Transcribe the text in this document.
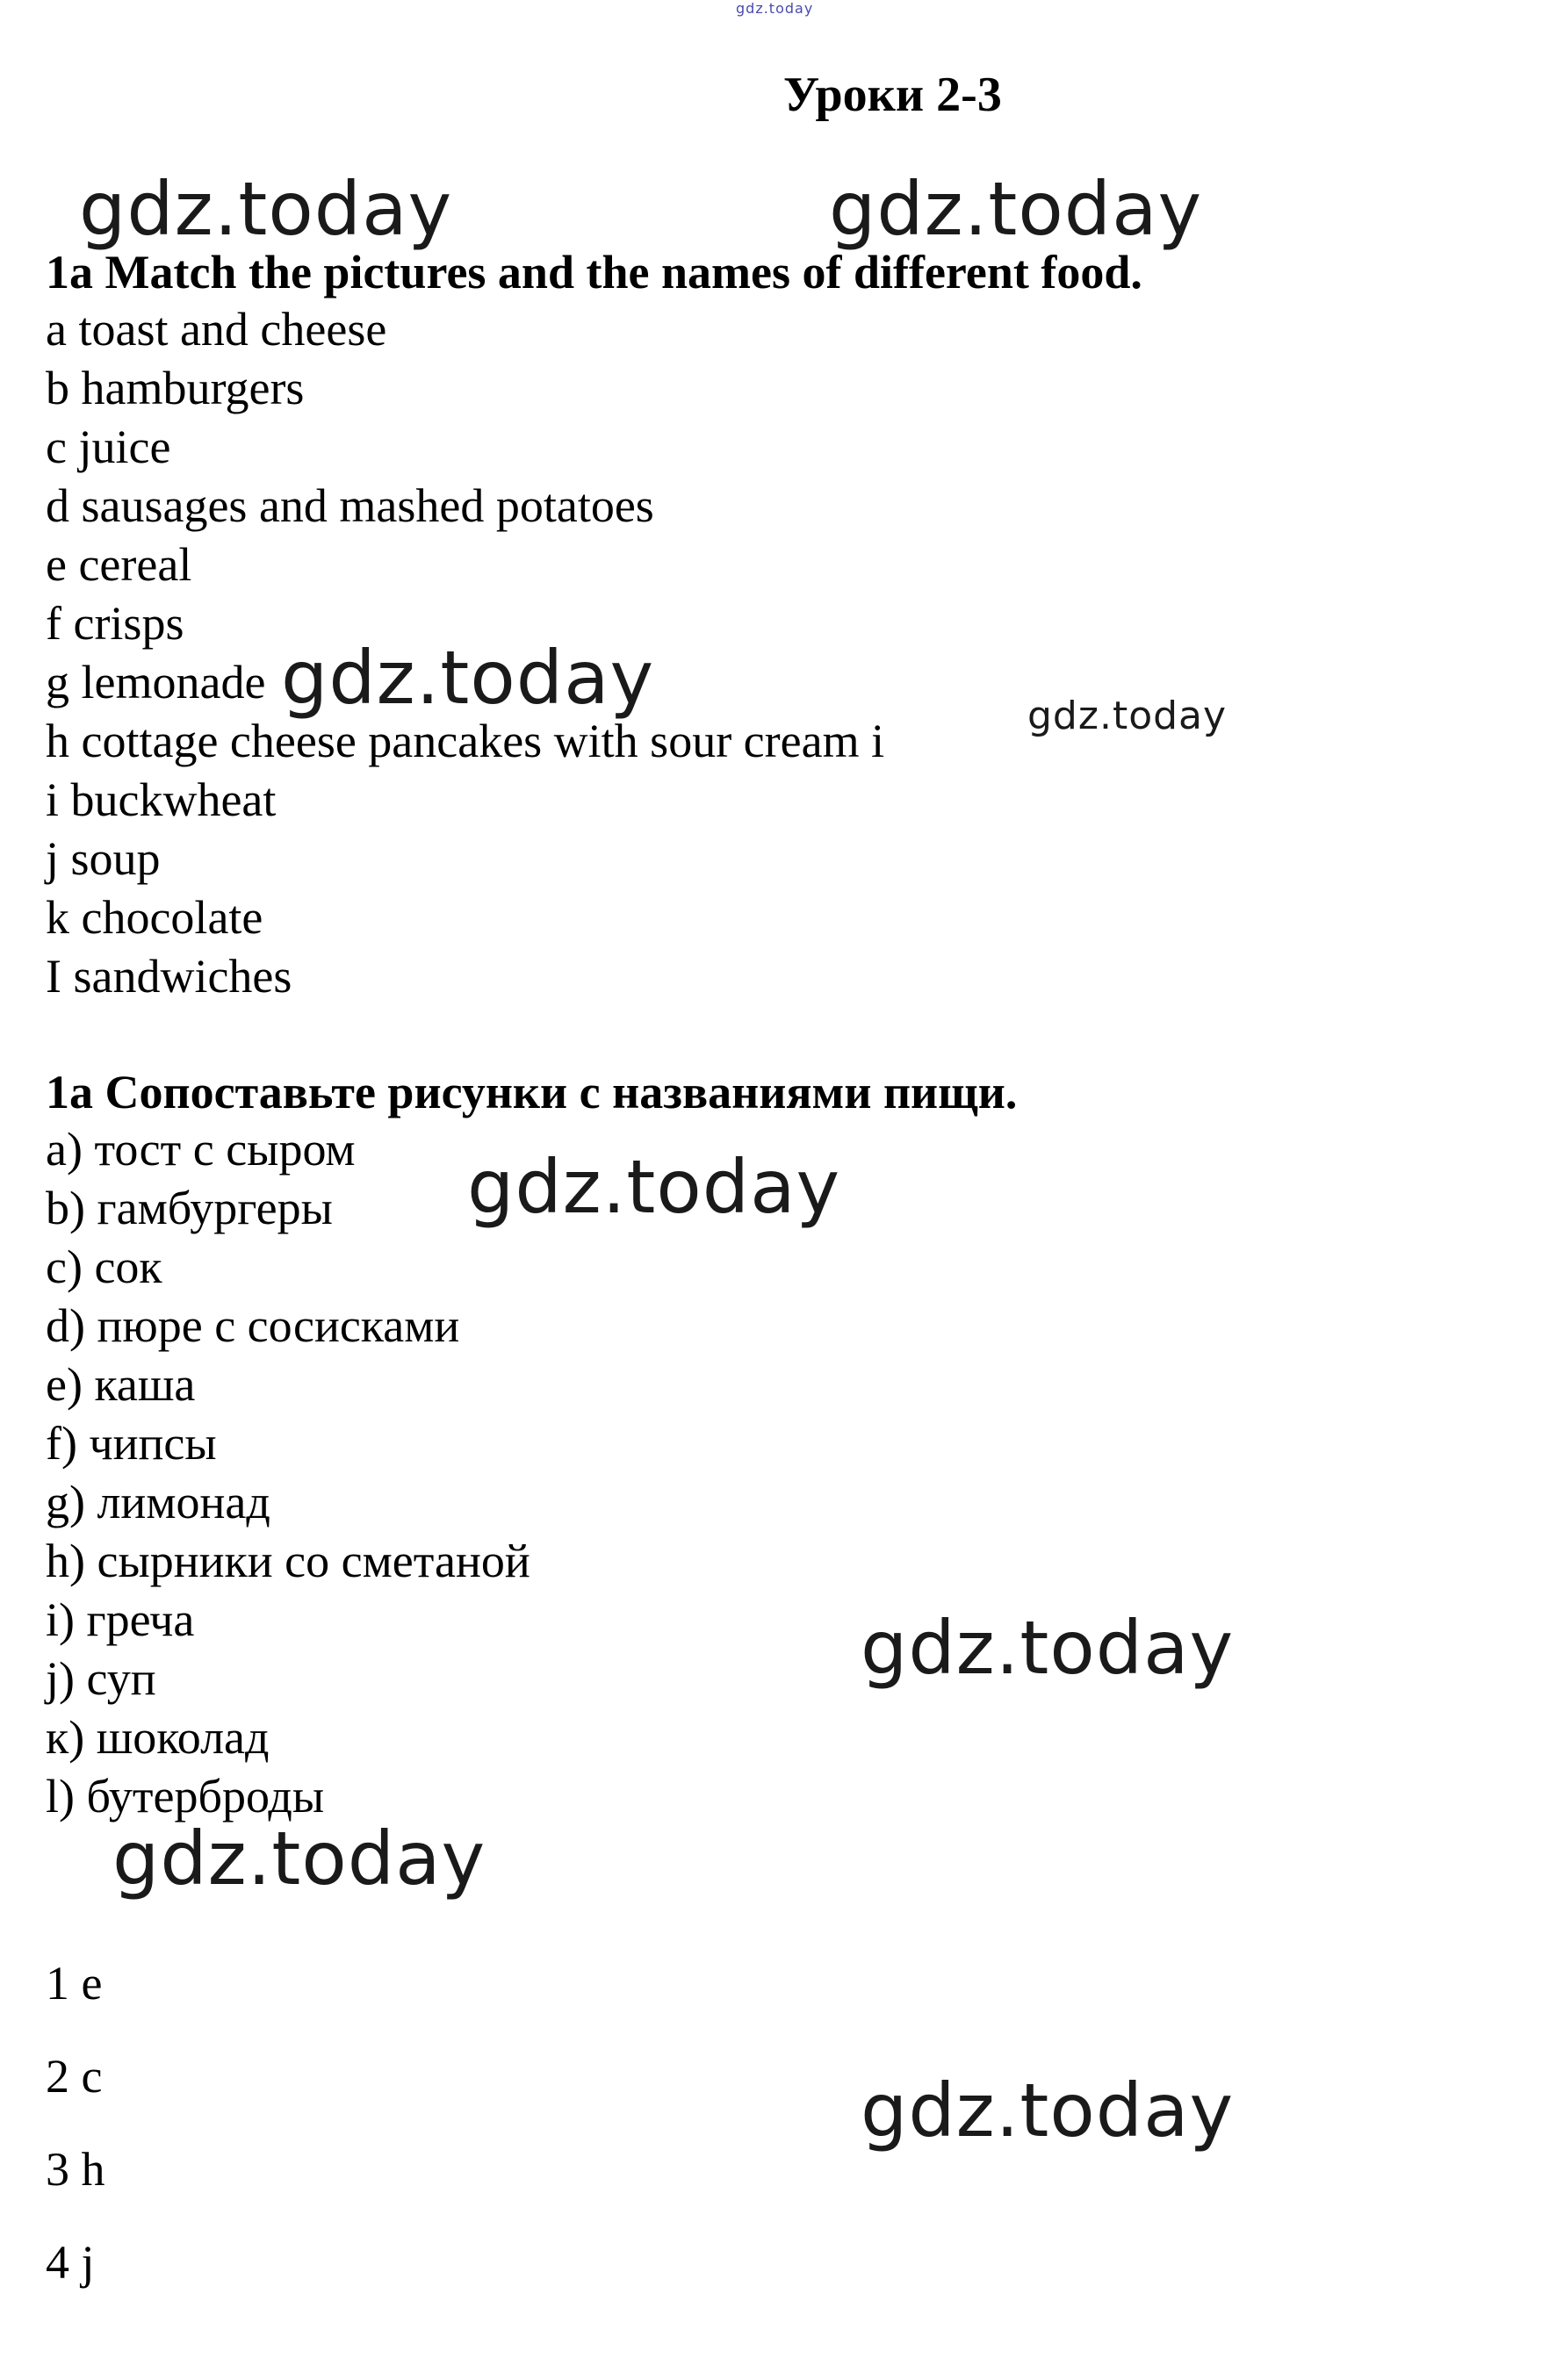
gdz.today
Уроки 2-3
gdz.today	gdz.today
1a Match the pictures and the names of different food.
a toast and cheese
b hamburgers
c juice
d sausages and mashed potatoes
e cereal
f crisps
g lemonade
h cottage cheese pancakes with sour cream i
i buckwheat
j soup
k chocolate
I sandwiches
gdz.today	gdz.today
1a Сопоставьте рисунки с названиями пищи.
а) тост с сыром
b) гамбургеры
c) сок
d) пюре с сосисками
e) каша
f) чипсы
g) лимонад
h) сырники со сметаной
i) греча
j) суп
к) шоколад
l) бутерброды
gdz.today
gdz.today
gdz.today
1 e
2 c
3 h
4 j
gdz.today
